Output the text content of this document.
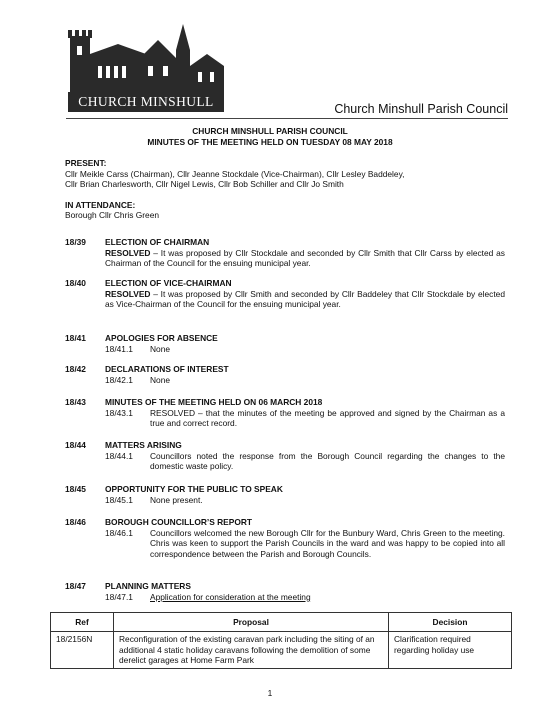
CHURCH MINSHULL	Church Minshull Parish Council
CHURCH MINSHULL PARISH COUNCIL
MINUTES OF THE MEETING HELD ON TUESDAY 08 MAY 2018
PRESENT:
Cllr Meikle Carss (Chairman), Cllr Jeanne Stockdale (Vice-Chairman), Cllr Lesley Baddeley,
Cllr Brian Charlesworth, Cllr Nigel Lewis, Cllr Bob Schiller and Cllr Jo Smith
IN ATTENDANCE:
Borough Cllr Chris Green
18/39 ELECTION OF CHAIRMAN
RESOLVED – It was proposed by Cllr Stockdale and seconded by Cllr Smith that Cllr Carss by elected as Chairman of the Council for the ensuing municipal year.
18/40 ELECTION OF VICE-CHAIRMAN
RESOLVED – It was proposed by Cllr Smith and seconded by Cllr Baddeley that Cllr Stockdale by elected as Vice-Chairman of the Council for the ensuing municipal year.
18/41 APOLOGIES FOR ABSENCE
18/41.1	None
18/42 DECLARATIONS OF INTEREST
18/42.1	None
18/43 MINUTES OF THE MEETING HELD ON 06 MARCH 2018
18/43.1	RESOLVED – that the minutes of the meeting be approved and signed by the Chairman as a true and correct record.
18/44 MATTERS ARISING
18/44.1	Councillors noted the response from the Borough Council regarding the changes to the domestic waste policy.
18/45 OPPORTUNITY FOR THE PUBLIC TO SPEAK
18/45.1	None present.
18/46 BOROUGH COUNCILLOR’S REPORT
18/46.1	Councillors welcomed the new Borough Cllr for the Bunbury Ward, Chris Green to the meeting. Chris was keen to support the Parish Councils in the ward and was happy to be copied into all correspondence between the Parish and Borough Councils.
18/47 PLANNING MATTERS
18/47.1	Application for consideration at the meeting
Ref	Proposal	Decision
18/2156N	Reconfiguration of the existing caravan park including the siting of an additional 4 static holiday caravans following the demolition of some derelict garages at Home Farm Park	Clarification required regarding holiday use
1
